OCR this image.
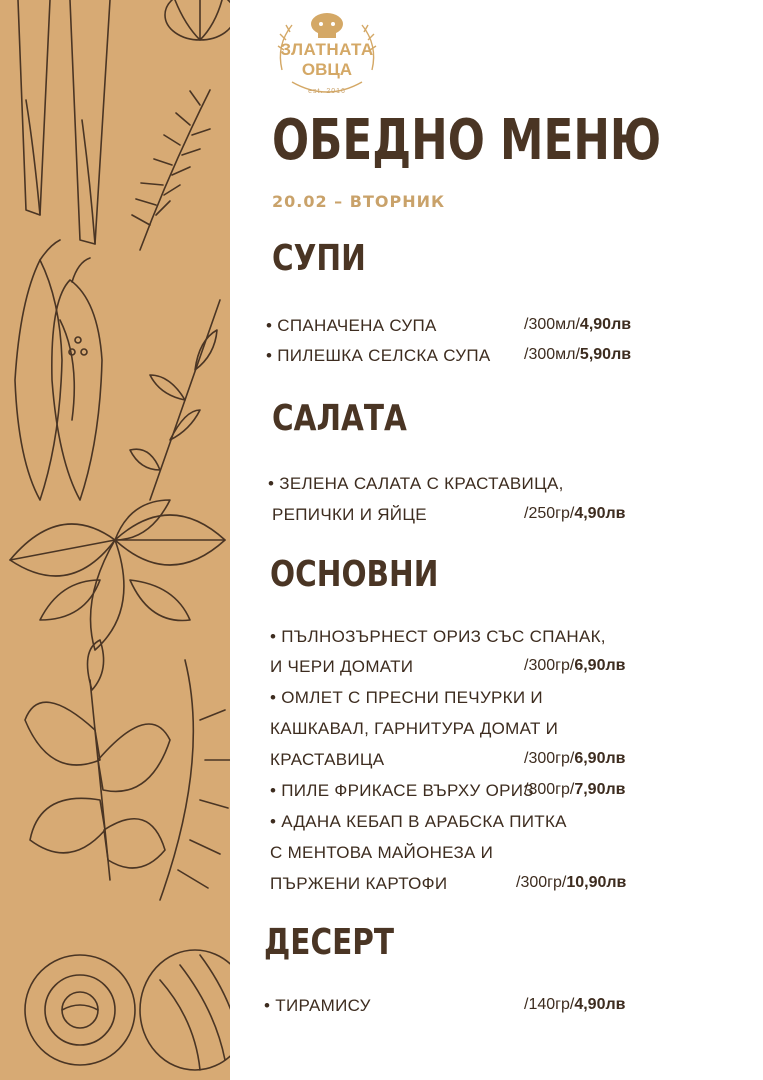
ЗЛАТНАТА
ОВЦА
est. 2016
ОБЕДНО МЕНЮ
20.02 – ВТОРНИК
СУПИ
• СПАНАЧЕНА СУПА	/300мл/4,90лв
• ПИЛЕШКА СЕЛСКА СУПА /300мл/5,90лв
САЛАТА
• ЗЕЛЕНА САЛАТА С КРАСТАВИЦА,
РЕПИЧКИ И ЯЙЦЕ	/250гр/4,90лв
ОСНОВНИ
• ПЪЛНОЗЪРНЕСТ ОРИЗ СЪС СПАНАК,
И ЧЕРИ ДОМАТИ	/300гр/6,90лв
• ОМЛЕТ С ПРЕСНИ ПЕЧУРКИ И
КАШКАВАЛ, ГАРНИТУРА ДОМАТ И
КРАСТАВИЦА	/300гр/6,90лв
• ПИЛЕ ФРИКАСЕ ВЪРХУ ОРИЗ
/300гр/7,90лв
• АДАНА КЕБАП В АРАБСКА ПИТКА
С МЕНТОВА МАЙОНЕЗА И
ПЪРЖЕНИ КАРТОФИ	/300гр/10,90лв
ДЕСЕРТ
• ТИРАМИСУ	/140гр/4,90лв
